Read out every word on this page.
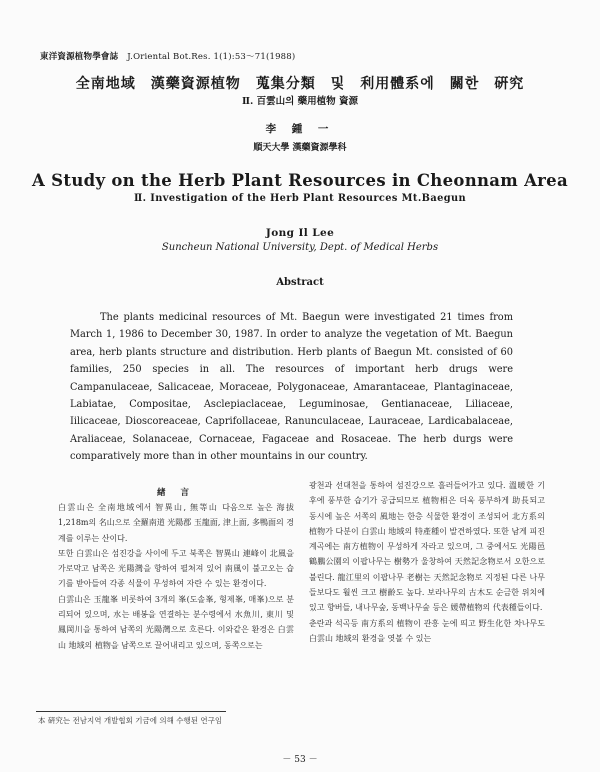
東洋資源植物學會誌 J.Oriental Bot.Res. 1(1):53～71(1988)
全南地域　漢藥資源植物　蒐集分類　및　利用體系에　關한　硏究
Ⅱ. 百雲山의 藥用植物 資源
李 鍾 一
順天大學 漢藥資源學科
A Study on the Herb Plant Resources in Cheonnam Area
Ⅱ. Investigation of the Herb Plant Resources Mt.Baegun
Jong Il Lee
Suncheun National University, Dept. of Medical Herbs
Abstract
The plants medicinal resources of Mt. Baegun were investigated 21 times from March 1, 1986 to December 30, 1987. In order to analyze the vegetation of Mt. Baegun area, herb plants structure and distribution. Herb plants of Baegun Mt. consisted of 60 families, 250 species in all. The resources of important herb drugs were Campanulaceae, Salicaceae, Moraceae, Polygonaceae, Amarantaceae, Plantaginaceae, Labiatae, Compositae, Asclepiaclaceae, Leguminosae, Gentianaceae, Liliaceae, Iilicaceae, Dioscoreaceae, Caprifollaceae, Ranunculaceae, Lauraceae, Lardicabalaceae, Araliaceae, Solanaceae, Cornaceae, Fagaceae and Rosaceae. The herb durgs were comparatively more than in other mountains in our country.
緖 言

白雲山은 全南地域에서 智異山, 無等山 다음으로 높은 海拔 1,218m의 名山으로 全羅南道 光陽郡 玉龍面, 津上面, 多鴨面의 경계를 이루는 산이다.

또한 白雲山은 섬진강을 사이에 두고 북쪽은 智異山 連峰이 北風을 가로막고 남쪽은 光陽灣을 향하여 펼쳐져 있어 南風이 불고오는 습기를 받아들여 각종 식물이 무성하여 자란 수 있는 환경이다.

白雲山은 玉龍峯 비롯하여 3개의 峯(도솔峯, 형제峯, 매峯)으로 분리되어 있으며, 水는 배봉을 연결하는 분수령에서 水魚川, 東川 및 鳳岡川을 통하여 남쪽의 光陽灣으로 흐른다. 이와같은 환경은 白雲山 地域의 植物을 남쪽으로 끌어내리고 있으며, 동쪽으로는

광천과 선대천을 통하여 섬진강으로 흘러들어가고 있다. 溫暖한 기후에 풍부한 습기가 공급되므로 植物相은 더욱 풍부하게 助長되고 동시에 높은 서쪽의 風地는 한층 식물한 환경이 조성되어 北方系의 植物가 다분이 白雲山 地域의 特產種이 발견하였다. 또한 남게 피진 계곡에는 南方植物이 무성하게 자라고 있으며, 그 중에서도 光陽邑 鶴鵬公園의 이팝나무는 樹勢가 울창하여 天然記念物로서 오한으로 불린다. 龍江里의 이팝나무 老樹는 天然記念物로 지정된 다른 나무들보다도 훨씬 크고 樹齡도 높다. 보라나무의 古木도 순금한 위치에 있고 향버들, 내나무숲, 동백나무숲 등은 媛帶植物의 代表種들이다.

춘란과 석곡등 南方系의 植物이 관흥 눈에 띄고 野生化한 차나무도 白雲山 地域의 환경을 엿볼 수 있는

本 硏究는 전남지역 개발협회 기금에 의해 수행된 연구임
－ 53 －
